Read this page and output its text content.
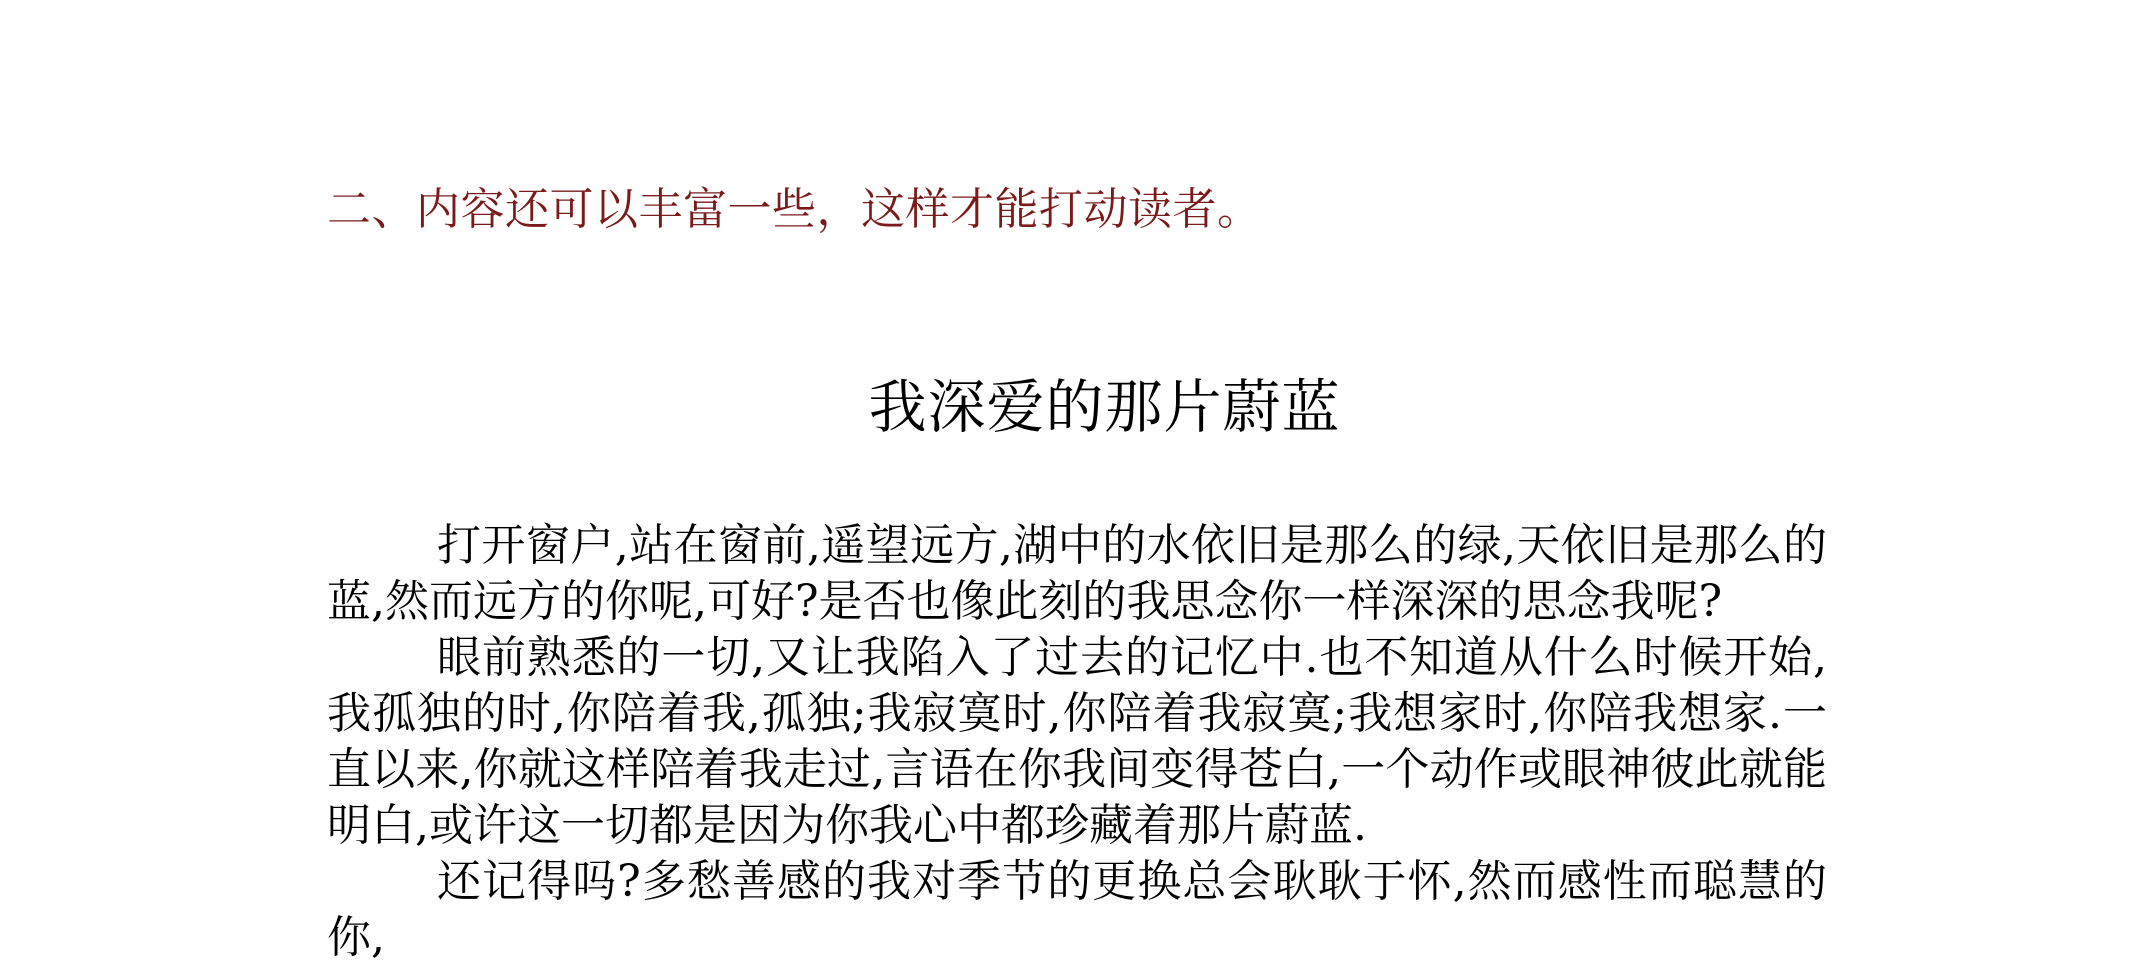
二、内容还可以丰富一些，这样才能打动读者。
我深爱的那片蔚蓝

打开窗户,站在窗前,遥望远方,湖中的水依旧是那么的绿,天依旧是那么的蓝,然而远方的你呢,可好?是否也像此刻的我思念你一样深深的思念我呢?

眼前熟悉的一切,又让我陷入了过去的记忆中.也不知道从什么时候开始,我孤独的时,你陪着我,孤独;我寂寞时,你陪着我寂寞;我想家时,你陪我想家.一直以来,你就这样陪着我走过,言语在你我间变得苍白,一个动作或眼神彼此就能明白,或许这一切都是因为你我心中都珍藏着那片蔚蓝.

还记得吗?多愁善感的我对季节的更换总会耿耿于怀,然而感性而聪慧的你,
